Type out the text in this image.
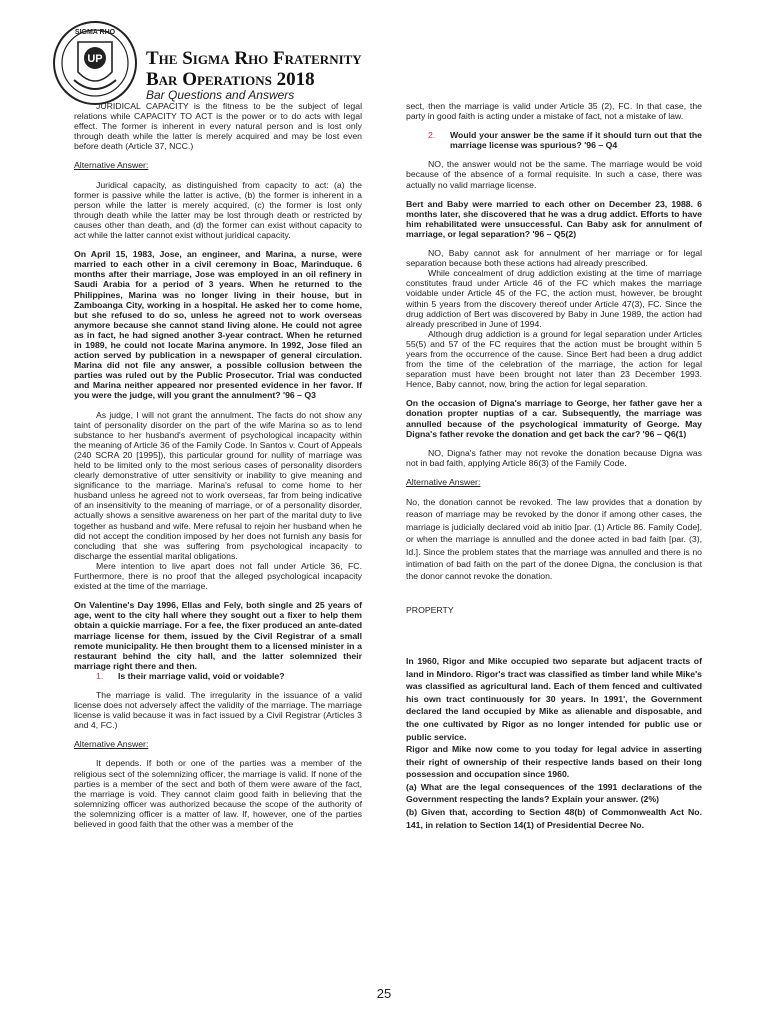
SIGMA RHO
UP The Sigma Rho Fraternity
Bar Operations 2018
Bar Questions and Answers

JURIDICAL CAPACITY is the fitness to be the subject of legal relations while CAPACITY TO ACT is the power or to do acts with legal effect. The former is inherent in every natural person and is lost only through death while the latter is merely acquired and may be lost even before death (Article 37, NCC.)

Alternative Answer:

Juridical capacity, as distinguished from capacity to act: (a) the former is passive while the latter is active, (b) the former is inherent in a person while the latter is merely acquired, (c) the former is lost only through death while the latter may be lost through death or restricted by causes other than death, and (d) the former can exist without capacity to act while the latter cannot exist without juridical capacity.

On April 15, 1983, Jose, an engineer, and Marina, a nurse, were married to each other in a civil ceremony in Boac, Marinduque. 6 months after their marriage, Jose was employed in an oil refinery in Saudi Arabia for a period of 3 years. When he returned to the Philippines, Marina was no longer living in their house, but in Zamboanga City, working in a hospital. He asked her to come home, but she refused to do so, unless he agreed not to work overseas anymore because she cannot stand living alone. He could not agree as in fact, he had signed another 3-year contract. When he returned in 1989, he could not locate Marina anymore. In 1992, Jose filed an action served by publication in a newspaper of general circulation. Marina did not file any answer, a possible collusion between the parties was ruled out by the Public Prosecutor. Trial was conducted and Marina neither appeared nor presented evidence in her favor. If you were the judge, will you grant the annulment? '96 – Q3

As judge, I will not grant the annulment. The facts do not show any taint of personality disorder on the part of the wife Marina so as to lend substance to her husband's averment of psychological incapacity within the meaning of Article 36 of the Family Code. In Santos v. Court of Appeals (240 SCRA 20 [1995]), this particular ground for nullity of marriage was held to be limited only to the most serious cases of personality disorders clearly demonstrative of utter sensitivity or inability to give meaning and significance to the marriage. Marina's refusal to come home to her husband unless he agreed not to work overseas, far from being indicative of an insensitivity to the meaning of marriage, or of a personality disorder, actually shows a sensitive awareness on her part of the marital duty to live together as husband and wife. Mere refusal to rejoin her husband when he did not accept the condition imposed by her does not furnish any basis for concluding that she was suffering from psychological incapacity to discharge the essential marital obligations.

Mere intention to live apart does not fall under Article 36, FC. Furthermore, there is no proof that the alleged psychological incapacity existed at the time of the marriage.

On Valentine's Day 1996, Ellas and Fely, both single and 25 years of age, went to the city hall where they sought out a fixer to help them obtain a quickie marriage. For a fee, the fixer produced an ante-dated marriage license for them, issued by the Civil Registrar of a small remote municipality. He then brought them to a licensed minister in a restaurant behind the city hall, and the latter solemnized their marriage right there and then.

1.	Is their marriage valid, void or voidable?

The marriage is valid. The irregularity in the issuance of a valid license does not adversely affect the validity of the marriage. The marriage license is valid because it was in fact issued by a Civil Registrar (Articles 3 and 4, FC.)

Alternative Answer:

It depends. If both or one of the parties was a member of the religious sect of the solemnizing officer, the marriage is valid. If none of the parties is a member of the sect and both of them were aware of the fact, the marriage is void. They cannot claim good faith in believing that the solemnizing officer was authorized because the scope of the authority of the solemnizing officer is a matter of law. If, however, one of the parties believed in good faith that the other was a member of the

sect, then the marriage is valid under Article 35 (2), FC. In that case, the party in good faith is acting under a mistake of fact, not a mistake of law.

2.	Would your answer be the same if it should turn out that the marriage license was spurious? '96 – Q4

NO, the answer would not be the same. The marriage would be void because of the absence of a formal requisite. In such a case, there was actually no valid marriage license.

Bert and Baby were married to each other on December 23, 1988. 6 months later, she discovered that he was a drug addict. Efforts to have him rehabilitated were unsuccessful. Can Baby ask for annulment of marriage, or legal separation? '96 – Q5(2)

NO, Baby cannot ask for annulment of her marriage or for legal separation because both these actions had already prescribed.

While concealment of drug addiction existing at the time of marriage constitutes fraud under Article 46 of the FC which makes the marriage voidable under Article 45 of the FC, the action must, however, be brought within 5 years from the discovery thereof under Article 47(3), FC. Since the drug addiction of Bert was discovered by Baby in June 1989, the action had already prescribed in June of 1994.

Although drug addiction is a ground for legal separation under Articles 55(5) and 57 of the FC requires that the action must be brought within 5 years from the occurrence of the cause. Since Bert had been a drug addict from the time of the celebration of the marriage, the action for legal separation must have been brought not later than 23 December 1993. Hence, Baby cannot, now, bring the action for legal separation.

On the occasion of Digna's marriage to George, her father gave her a donation propter nuptias of a car. Subsequently, the marriage was annulled because of the psychological immaturity of George. May Digna's father revoke the donation and get back the car? '96 – Q6(1)

NO, Digna's father may not revoke the donation because Digna was not in bad faith, applying Article 86(3) of the Family Code.

Alternative Answer:

No, the donation cannot be revoked. The law provides that a donation by reason of marriage may be revoked by the donor if among other cases, the marriage is judicially declared void ab initio [par. (1) Article 86. Family Code], or when the marriage is annulled and the donee acted in bad faith [par. (3), Id.]. Since the problem states that the marriage was annulled and there is no intimation of bad faith on the part of the donee Digna, the conclusion is that the donor cannot revoke the donation.

PROPERTY

In 1960, Rigor and Mike occupied two separate but adjacent tracts of land in Mindoro. Rigor's tract was classified as timber land while Mike's was classified as agricultural land. Each of them fenced and cultivated his own tract continuously for 30 years. In 1991', the Government declared the land occupied by Mike as alienable and disposable, and the one cultivated by Rigor as no longer intended for public use or public service.

Rigor and Mike now come to you today for legal advice in asserting their right of ownership of their respective lands based on their long possession and occupation since 1960.

(a) What are the legal consequences of the 1991 declarations of the Government respecting the lands? Explain your answer. (2%)

(b) Given that, according to Section 48(b) of Commonwealth Act No. 141, in relation to Section 14(1) of Presidential Decree No.

25
